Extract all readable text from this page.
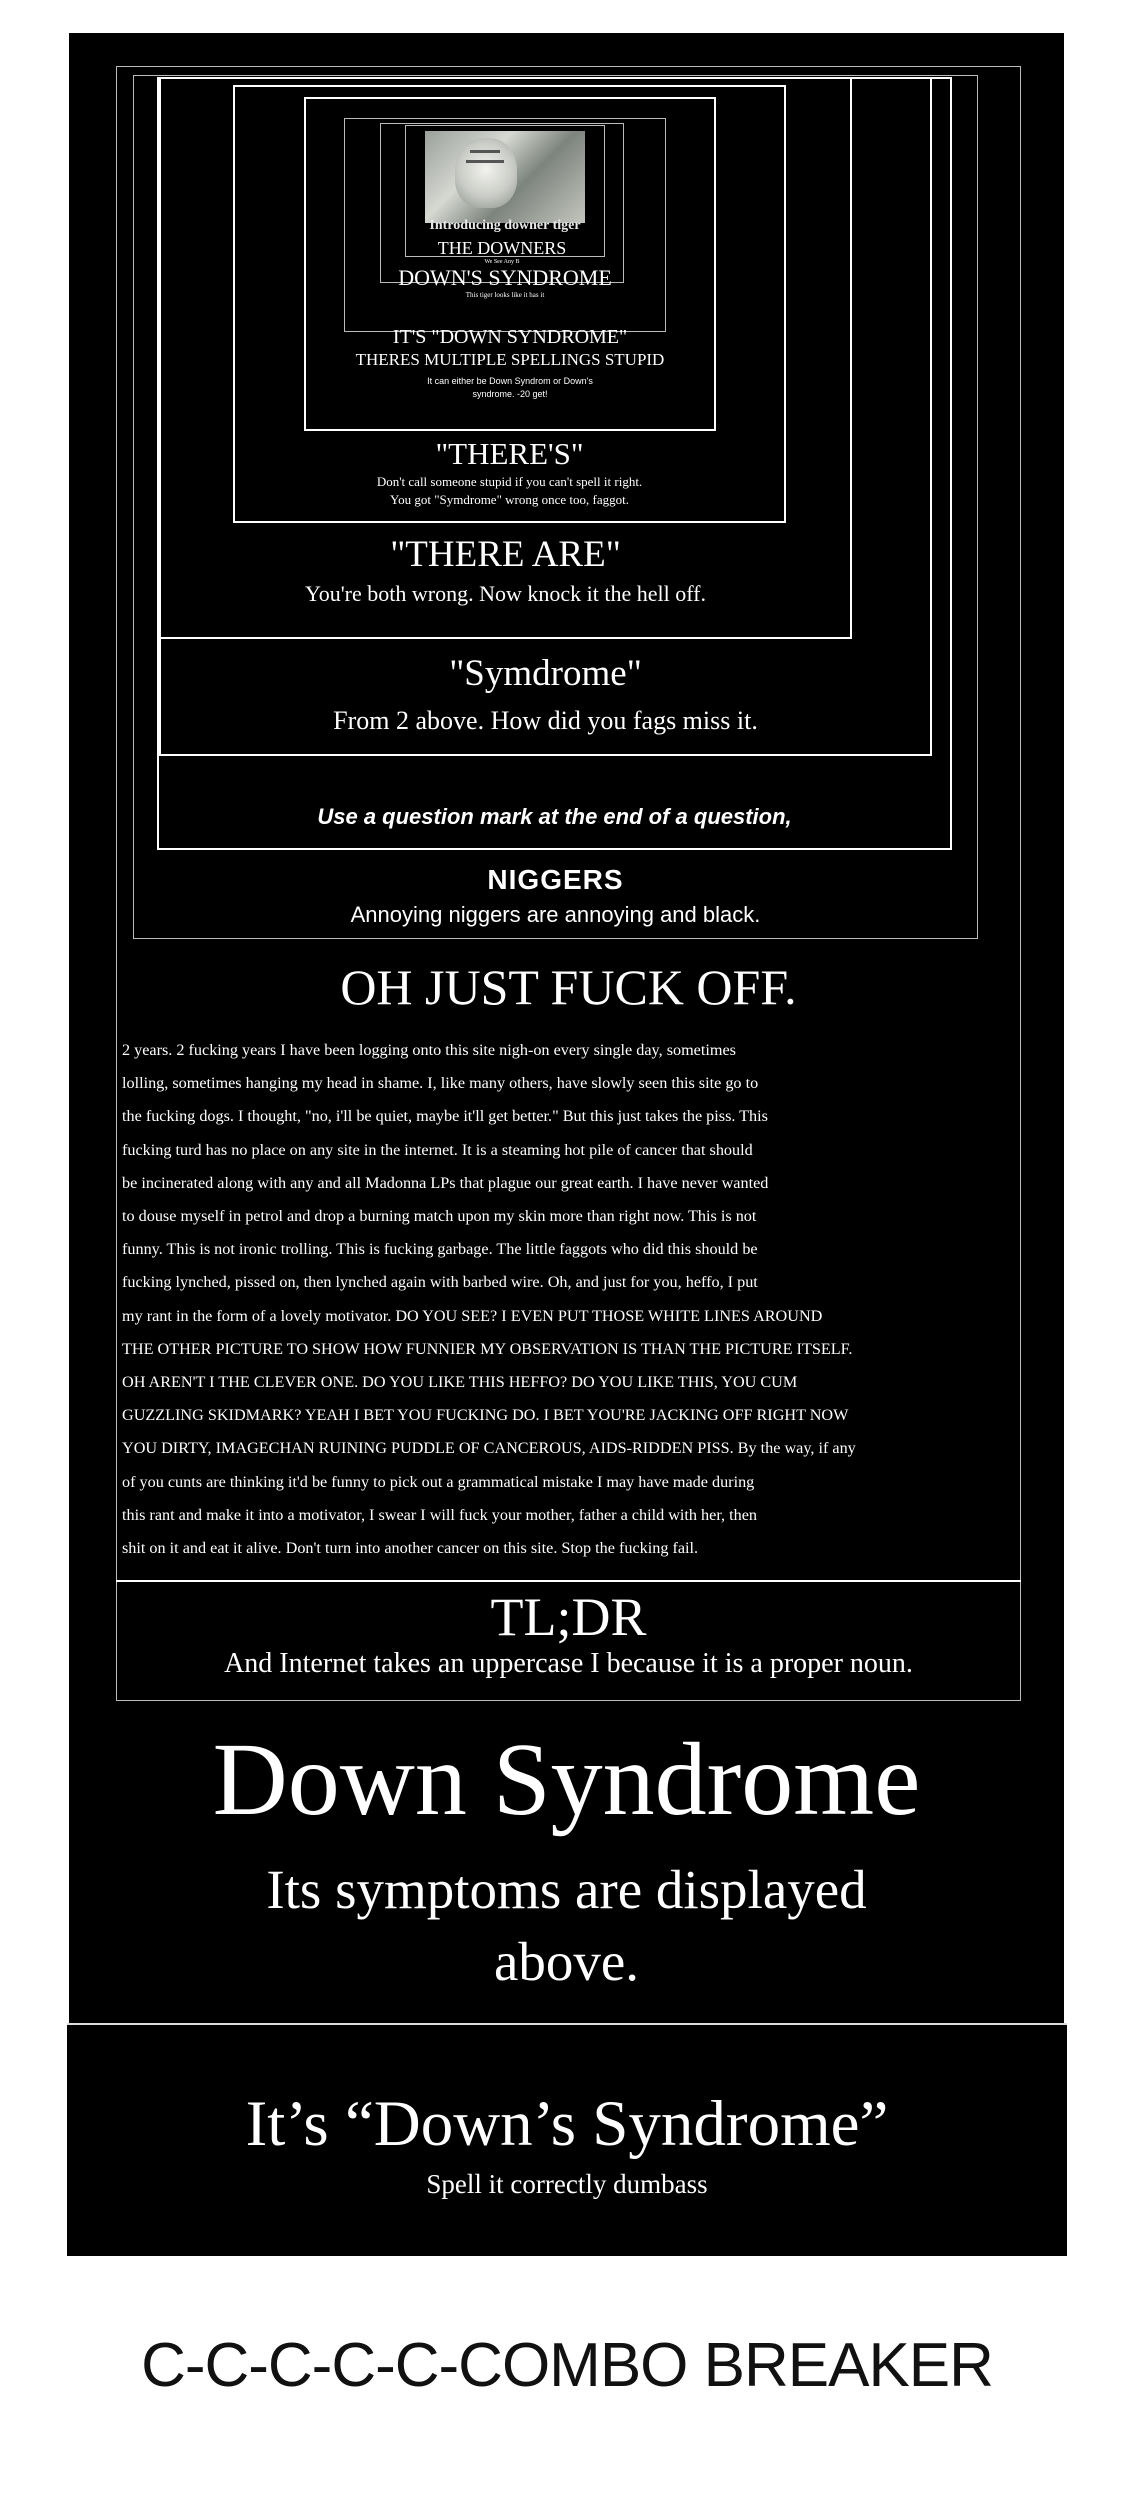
Introducing downer tiger
THE DOWNERS
We See Any B
DOWN'S SYNDROME
This tiger looks like it has it
IT'S "DOWN SYNDROME"
THERES MULTIPLE SPELLINGS STUPID
It can either be Down Syndrom or Down's
syndrome. -20 get!
"THERE'S"
Don't call someone stupid if you can't spell it right.
You got "Symdrome" wrong once too, faggot.
"THERE ARE"
You're both wrong. Now knock it the hell off.
"Symdrome"
From 2 above. How did you fags miss it.
Use a question mark at the end of a question,
NIGGERS
Annoying niggers are annoying and black.
OH JUST FUCK OFF.
2 years. 2 fucking years I have been logging onto this site nigh-on every single day, sometimes
lolling, sometimes hanging my head in shame. I, like many others, have slowly seen this site go to
the fucking dogs. I thought, "no, i'll be quiet, maybe it'll get better." But this just takes the piss. This
fucking turd has no place on any site in the internet. It is a steaming hot pile of cancer that should
be incinerated along with any and all Madonna LPs that plague our great earth. I have never wanted
to douse myself in petrol and drop a burning match upon my skin more than right now. This is not
funny. This is not ironic trolling. This is fucking garbage. The little faggots who did this should be
fucking lynched, pissed on, then lynched again with barbed wire. Oh, and just for you, heffo, I put
my rant in the form of a lovely motivator. DO YOU SEE? I EVEN PUT THOSE WHITE LINES AROUND
THE OTHER PICTURE TO SHOW HOW FUNNIER MY OBSERVATION IS THAN THE PICTURE ITSELF.
OH AREN'T I THE CLEVER ONE. DO YOU LIKE THIS HEFFO? DO YOU LIKE THIS, YOU CUM
GUZZLING SKIDMARK? YEAH I BET YOU FUCKING DO. I BET YOU'RE JACKING OFF RIGHT NOW
YOU DIRTY, IMAGECHAN RUINING PUDDLE OF CANCEROUS, AIDS-RIDDEN PISS. By the way, if any
of you cunts are thinking it'd be funny to pick out a grammatical mistake I may have made during
this rant and make it into a motivator, I swear I will fuck your mother, father a child with her, then
shit on it and eat it alive. Don't turn into another cancer on this site. Stop the fucking fail.
TL;DR
And Internet takes an uppercase I because it is a proper noun.
Down Syndrome
Its symptoms are displayed
above.
It’s “Down’s Syndrome”
Spell it correctly dumbass
C-C-C-C-C-COMBO BREAKER
